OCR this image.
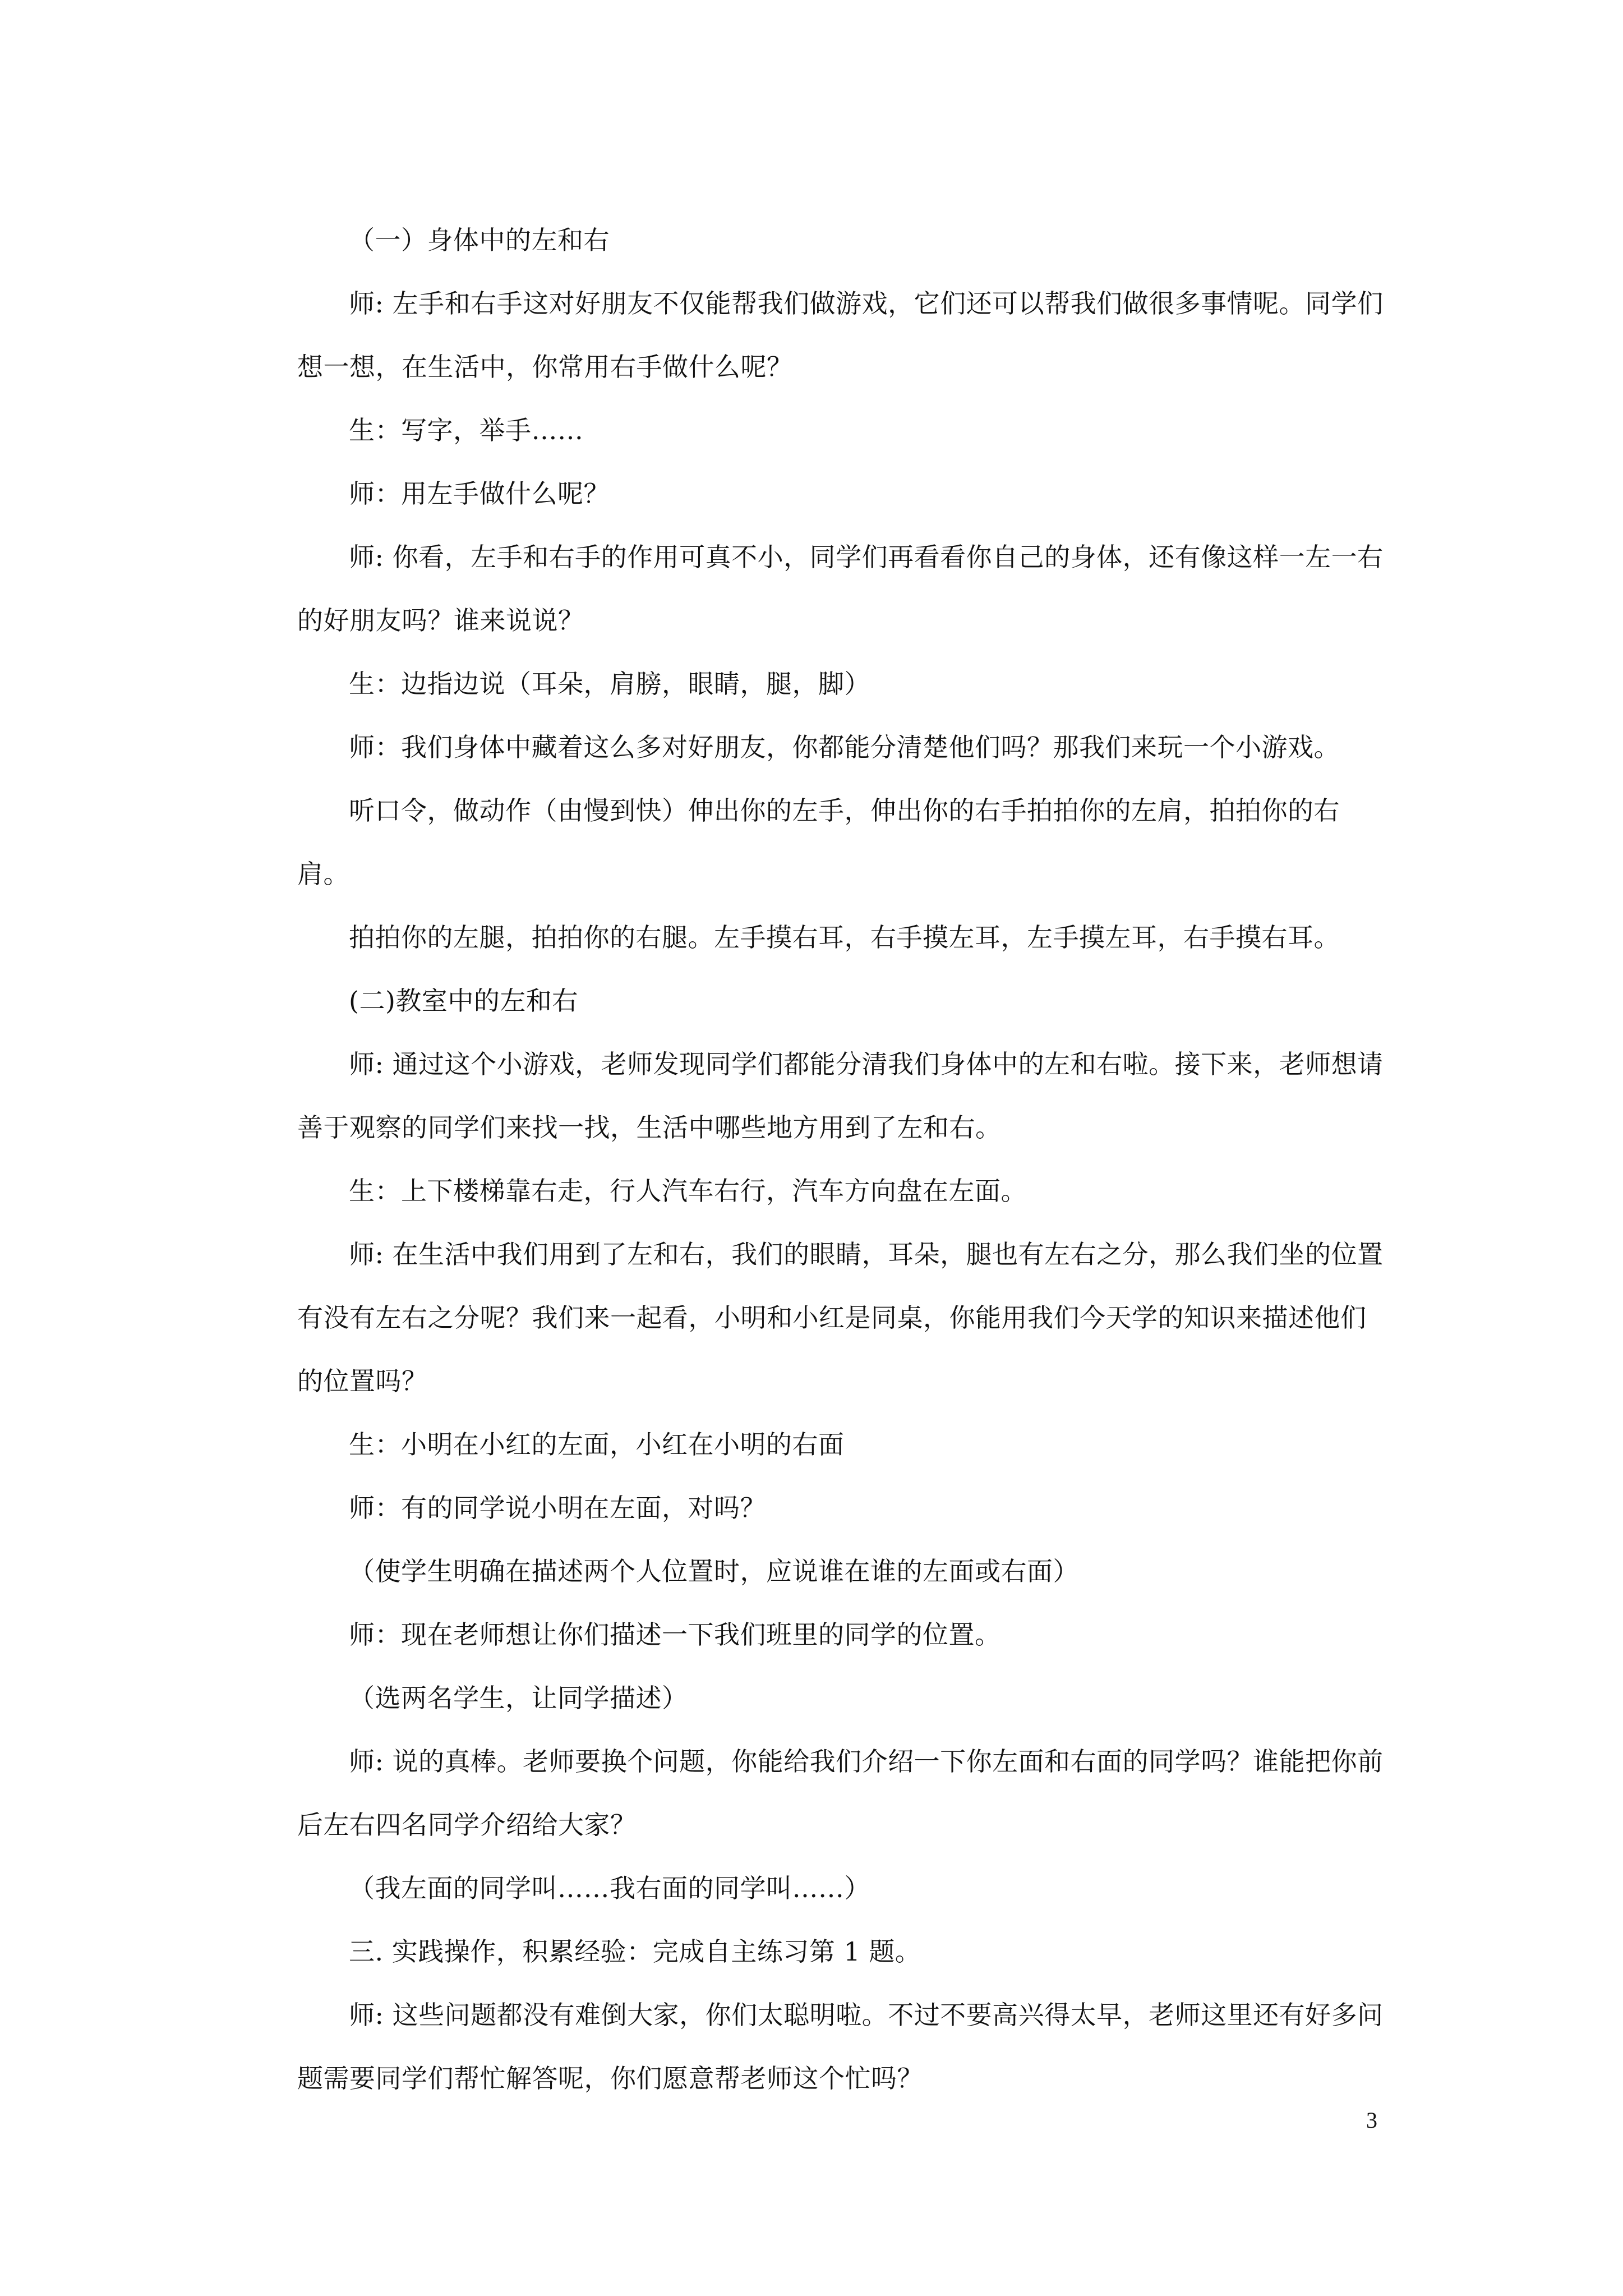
（一）身体中的左和右

师: 左手和右手这对好朋友不仅能帮我们做游戏，它们还可以帮我们做很多事情呢。同学们想一想，在生活中，你常用右手做什么呢？

生：写字，举手……

师：用左手做什么呢？

师: 你看，左手和右手的作用可真不小，同学们再看看你自己的身体，还有像这样一左一右的好朋友吗？谁来说说？

生：边指边说（耳朵，肩膀，眼睛，腿，脚）

师：我们身体中藏着这么多对好朋友，你都能分清楚他们吗？那我们来玩一个小游戏。

听口令，做动作（由慢到快）伸出你的左手，伸出你的右手拍拍你的左肩，拍拍你的右肩。

拍拍你的左腿，拍拍你的右腿。左手摸右耳，右手摸左耳，左手摸左耳，右手摸右耳。

(二)教室中的左和右

师: 通过这个小游戏，老师发现同学们都能分清我们身体中的左和右啦。接下来，老师想请善于观察的同学们来找一找，生活中哪些地方用到了左和右。

生：上下楼梯靠右走，行人汽车右行，汽车方向盘在左面。

师: 在生活中我们用到了左和右，我们的眼睛，耳朵，腿也有左右之分，那么我们坐的位置有没有左右之分呢？我们来一起看，小明和小红是同桌，你能用我们今天学的知识来描述他们的位置吗？

生：小明在小红的左面，小红在小明的右面

师：有的同学说小明在左面，对吗？

（使学生明确在描述两个人位置时，应说谁在谁的左面或右面）

师：现在老师想让你们描述一下我们班里的同学的位置。

（选两名学生，让同学描述）

师: 说的真棒。老师要换个问题，你能给我们介绍一下你左面和右面的同学吗？谁能把你前后左右四名同学介绍给大家？

（我左面的同学叫……我右面的同学叫……）

三. 实践操作，积累经验：完成自主练习第 1 题。

师: 这些问题都没有难倒大家，你们太聪明啦。不过不要高兴得太早，老师这里还有好多问题需要同学们帮忙解答呢，你们愿意帮老师这个忙吗？

3
